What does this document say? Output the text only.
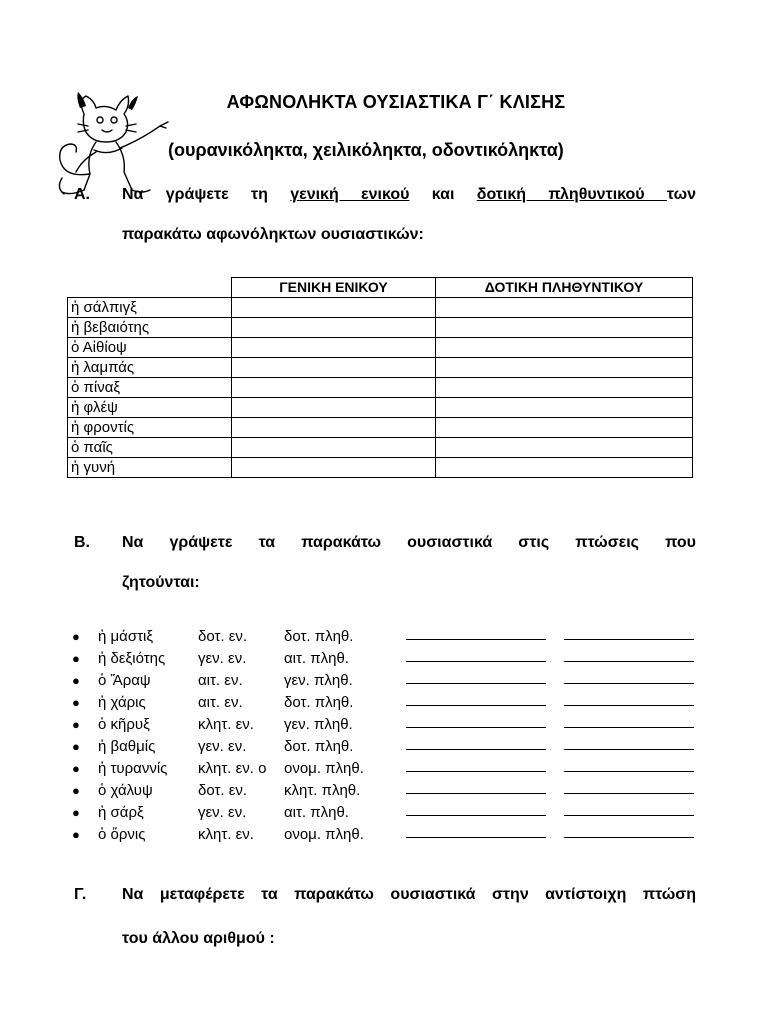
ΑΦΩΝΟΛΗΚΤΑ ΟΥΣΙΑΣΤΙΚΑ Γ΄ ΚΛΙΣΗΣ
(ουρανικόληκτα, χειλικόληκτα, οδοντικόληκτα)
Α. Να γράψετε τη γενική ενικού και δοτική πληθυντικού των
παρακάτω αφωνόληκτων ουσιαστικών:
	ΓΕΝΙΚΗ ΕΝΙΚΟΥ	ΔΟΤΙΚΗ ΠΛΗΘΥΝΤΙΚΟΥ
ἡ σάλπιγξ		
ἡ βεβαιότης		
ὁ Αἰθίοψ		
ἡ λαμπάς		
ὁ πίναξ		
ἡ φλέψ		
ἡ φροντίς		
ὁ παῖς		
ἡ γυνή		
Β. Να γράψετε τα παρακάτω ουσιαστικά στις πτώσεις που
ζητούνται:
● ἡ μάστιξ	δοτ. εν. δοτ. πληθ.
● ἡ δεξιότης γεν. εν.	αιτ. πληθ.
● ὁ Ἄραψ	αιτ. εν.	γεν. πληθ.
● ἡ χάρις	αιτ. εν.	δοτ. πληθ.
● ὁ κῆρυξ	κλητ. εν. γεν. πληθ.
● ἡ βαθμίς	γεν. εν.	δοτ. πληθ.
● ἡ τυραννίς κλητ. εν. ο ονομ. πληθ.
● ὁ χάλυψ	δοτ. εν. κλητ. πληθ.
● ἡ σάρξ	γεν. εν.	αιτ. πληθ.
● ὁ ὄρνις	κλητ. εν. ονομ. πληθ.
Γ. Να μεταφέρετε τα παρακάτω ουσιαστικά στην αντίστοιχη πτώση
του άλλου αριθμού :
